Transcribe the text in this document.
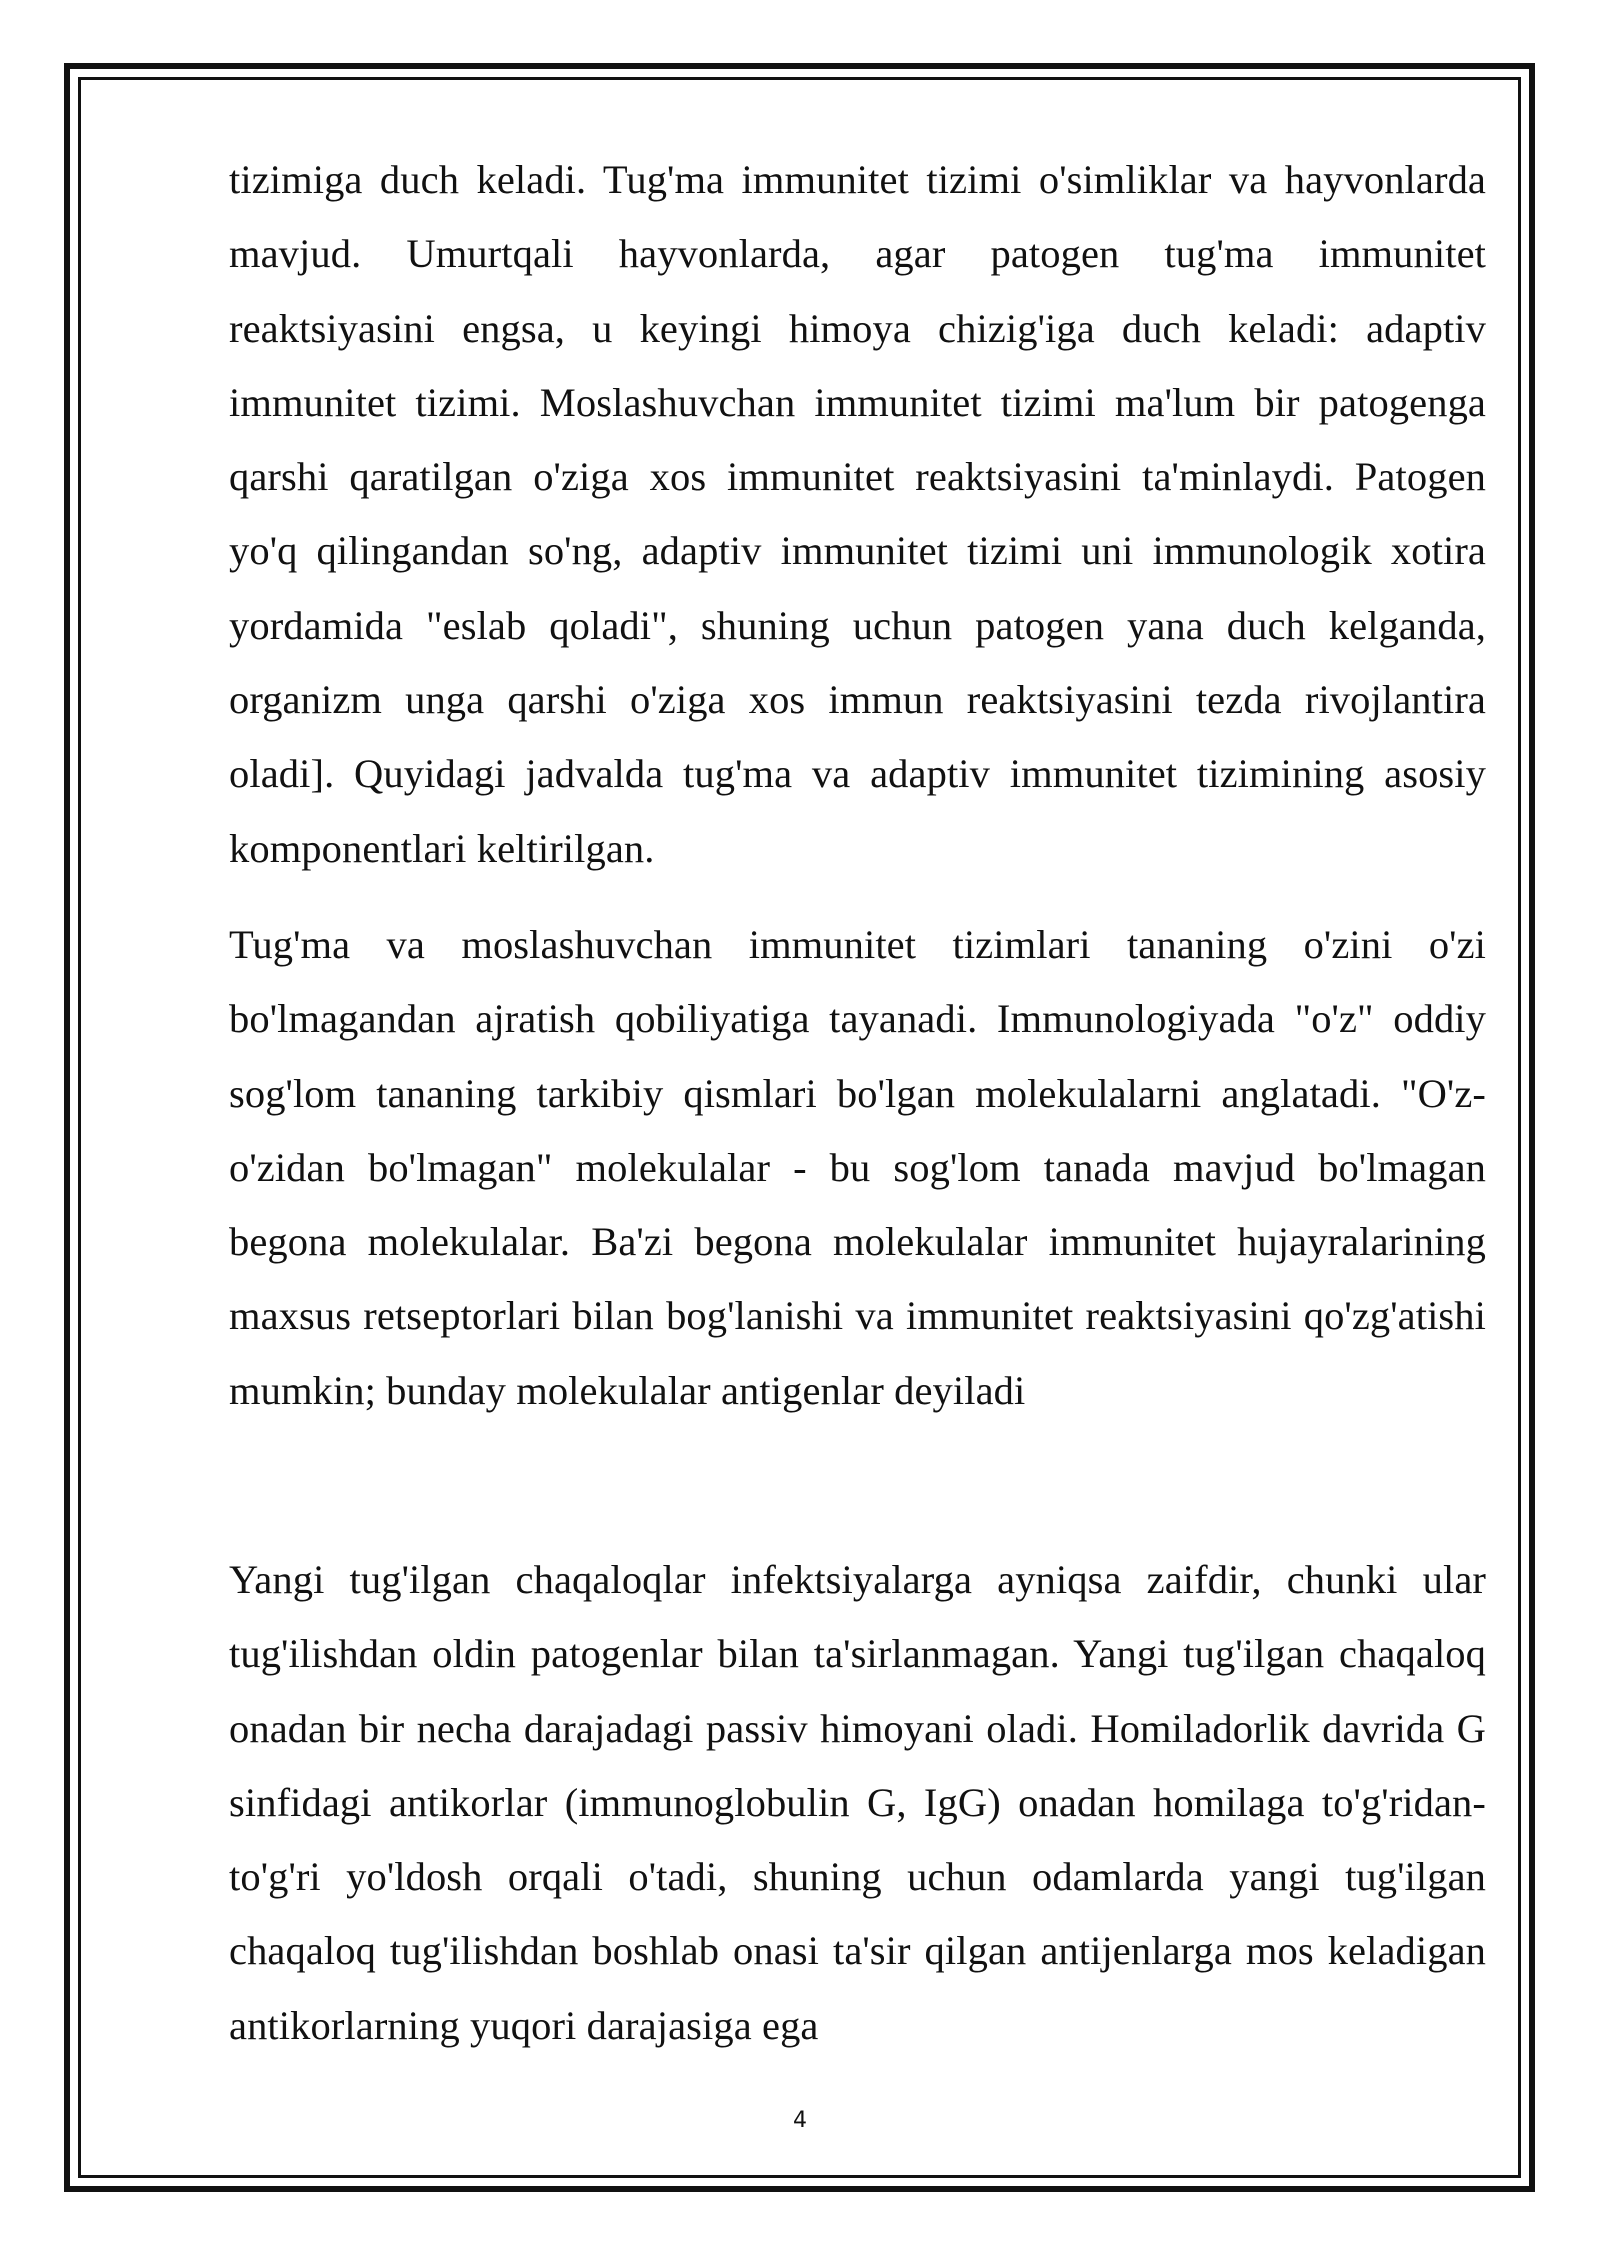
tizimiga duch keladi. Tug'ma immunitet tizimi o'simliklar va hayvonlarda mavjud. Umurtqali hayvonlarda, agar patogen tug'ma immunitet reaktsiyasini engsa, u keyingi himoya chizig'iga duch keladi: adaptiv immunitet tizimi. Moslashuvchan immunitet tizimi ma'lum bir patogenga qarshi qaratilgan o'ziga xos immunitet reaktsiyasini ta'minlaydi. Patogen yo'q qilingandan so'ng, adaptiv immunitet tizimi uni immunologik xotira yordamida "eslab qoladi", shuning uchun patogen yana duch kelganda, organizm unga qarshi o'ziga xos immun reaktsiyasini tezda rivojlantira oladi]. Quyidagi jadvalda tug'ma va adaptiv immunitet tizimining asosiy komponentlari keltirilgan.

Tug'ma va moslashuvchan immunitet tizimlari tananing o'zini o'zi bo'lmagandan ajratish qobiliyatiga tayanadi. Immunologiyada "o'z" oddiy sog'lom tananing tarkibiy qismlari bo'lgan molekulalarni anglatadi. "O'z-o'zidan bo'lmagan" molekulalar - bu sog'lom tanada mavjud bo'lmagan begona molekulalar. Ba'zi begona molekulalar immunitet hujayralarining maxsus retseptorlari bilan bog'lanishi va immunitet reaktsiyasini qo'zg'atishi mumkin; bunday molekulalar antigenlar deyiladi

Yangi tug'ilgan chaqaloqlar infektsiyalarga ayniqsa zaifdir, chunki ular tug'ilishdan oldin patogenlar bilan ta'sirlanmagan. Yangi tug'ilgan chaqaloq onadan bir necha darajadagi passiv himoyani oladi. Homiladorlik davrida G sinfidagi antikorlar (immunoglobulin G, IgG) onadan homilaga to'g'ridan-to'g'ri yo'ldosh orqali o'tadi, shuning uchun odamlarda yangi tug'ilgan chaqaloq tug'ilishdan boshlab onasi ta'sir qilgan antijenlarga mos keladigan antikorlarning yuqori darajasiga ega

4
